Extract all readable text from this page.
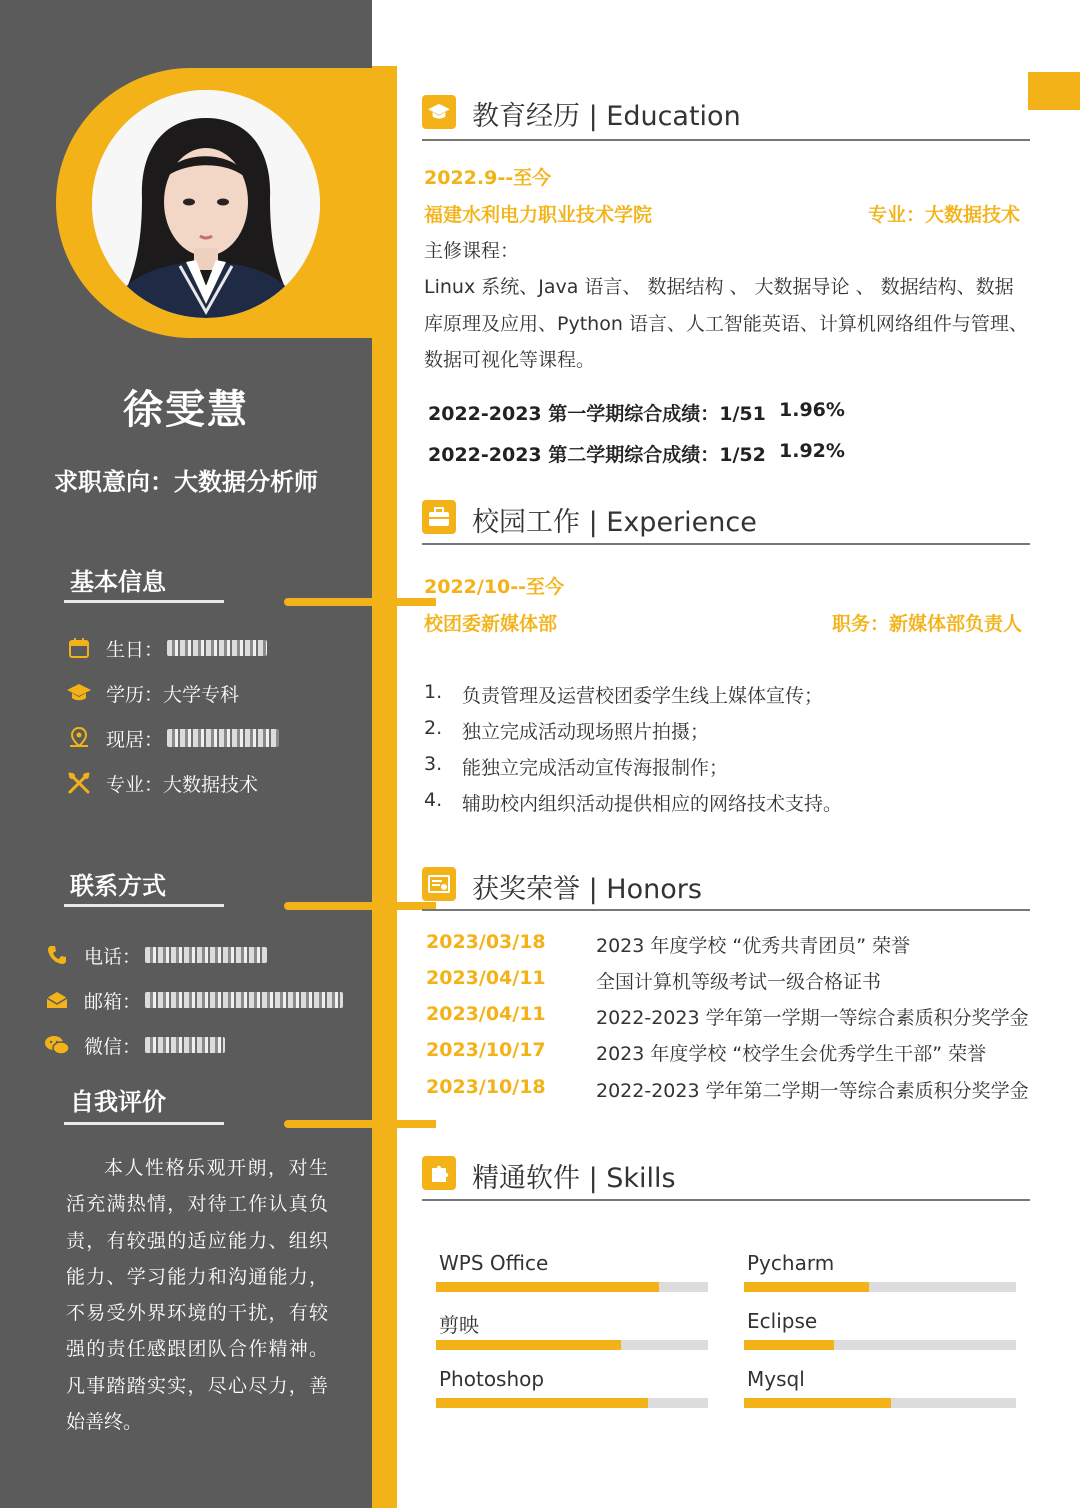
徐雯慧
求职意向：大数据分析师
基本信息
生日：
学历：大学专科
现居：
专业：大数据技术
联系方式
电话：
邮箱：
微信：
自我评价
本人性格乐观开朗，对生活充满热情，对待工作认真负责，有较强的适应能力、组织能力、学习能力和沟通能力，不易受外界环境的干扰，有较强的责任感跟团队合作精神。凡事踏踏实实，尽心尽力，善始善终。
教育经历 | Education
2022.9--至今
福建水利电力职业技术学院	专业：大数据技术
主修课程：
Linux 系统、Java 语言、 数据结构 、 大数据导论 、 数据结构、数据
库原理及应用、Python 语言、人工智能英语、计算机网络组件与管理、
数据可视化等课程。
2022-2023 第一学期综合成绩：1/51 1.96%
2022-2023 第二学期综合成绩：1/52 1.92%
校园工作 | Experience
2022/10--至今
校团委新媒体部	职务：新媒体部负责人
1. 负责管理及运营校团委学生线上媒体宣传；
2. 独立完成活动现场照片拍摄；
3. 能独立完成活动宣传海报制作；
4. 辅助校内组织活动提供相应的网络技术支持。
获奖荣誉 | Honors
2023/03/18	2023 年度学校 “优秀共青团员” 荣誉
2023/04/11	全国计算机等级考试一级合格证书
2023/04/11	2022-2023 学年第一学期一等综合素质积分奖学金
2023/10/17	2023 年度学校 “校学生会优秀学生干部” 荣誉
2023/10/18	2022-2023 学年第二学期一等综合素质积分奖学金
精通软件 | Skills
WPS Office	Pycharm
剪映	Eclipse
Photoshop	Mysql
